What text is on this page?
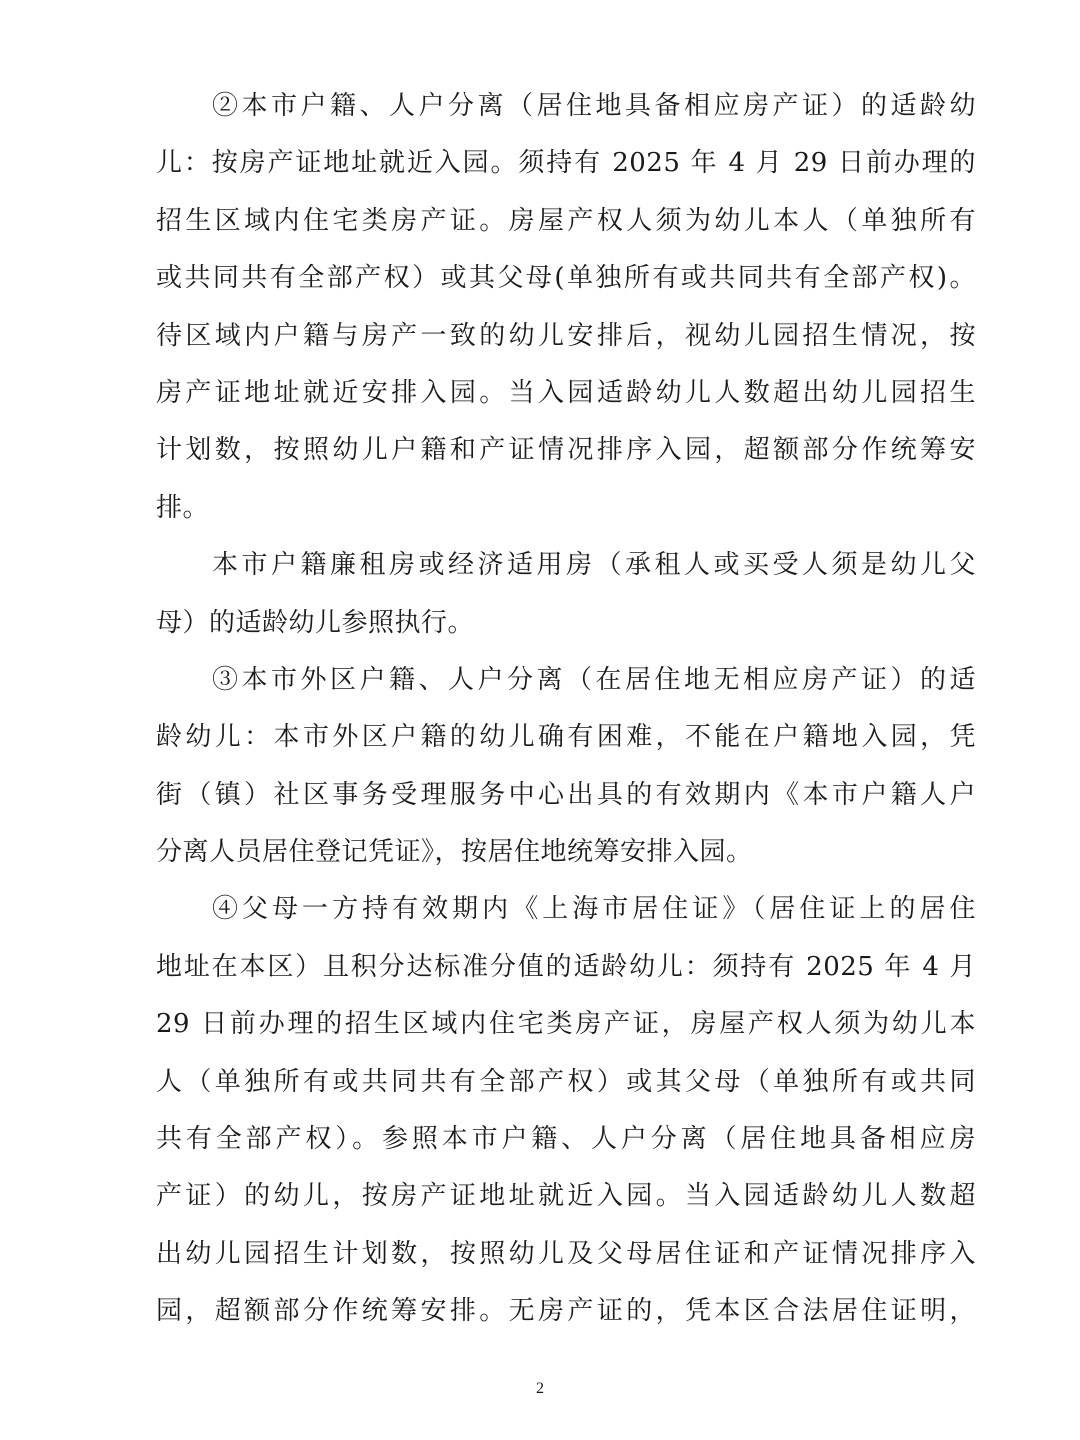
②本市户籍、人户分离（居住地具备相应房产证）的适龄幼
儿：按房产证地址就近入园。须持有 2025 年 4 月 29 日前办理的
招生区域内住宅类房产证。房屋产权人须为幼儿本人（单独所有
或共同共有全部产权）或其父母(单独所有或共同共有全部产权)。
待区域内户籍与房产一致的幼儿安排后，视幼儿园招生情况，按
房产证地址就近安排入园。当入园适龄幼儿人数超出幼儿园招生
计划数，按照幼儿户籍和产证情况排序入园，超额部分作统筹安
排。
本市户籍廉租房或经济适用房（承租人或买受人须是幼儿父
母）的适龄幼儿参照执行。
③本市外区户籍、人户分离（在居住地无相应房产证）的适
龄幼儿：本市外区户籍的幼儿确有困难，不能在户籍地入园，凭
街（镇）社区事务受理服务中心出具的有效期内《本市户籍人户
分离人员居住登记凭证》，按居住地统筹安排入园。
④父母一方持有效期内《上海市居住证》（居住证上的居住
地址在本区）且积分达标准分值的适龄幼儿：须持有 2025 年 4 月
29 日前办理的招生区域内住宅类房产证，房屋产权人须为幼儿本
人（单独所有或共同共有全部产权）或其父母（单独所有或共同
共有全部产权）。参照本市户籍、人户分离（居住地具备相应房
产证）的幼儿，按房产证地址就近入园。当入园适龄幼儿人数超
出幼儿园招生计划数，按照幼儿及父母居住证和产证情况排序入
园，超额部分作统筹安排。无房产证的，凭本区合法居住证明，
2
